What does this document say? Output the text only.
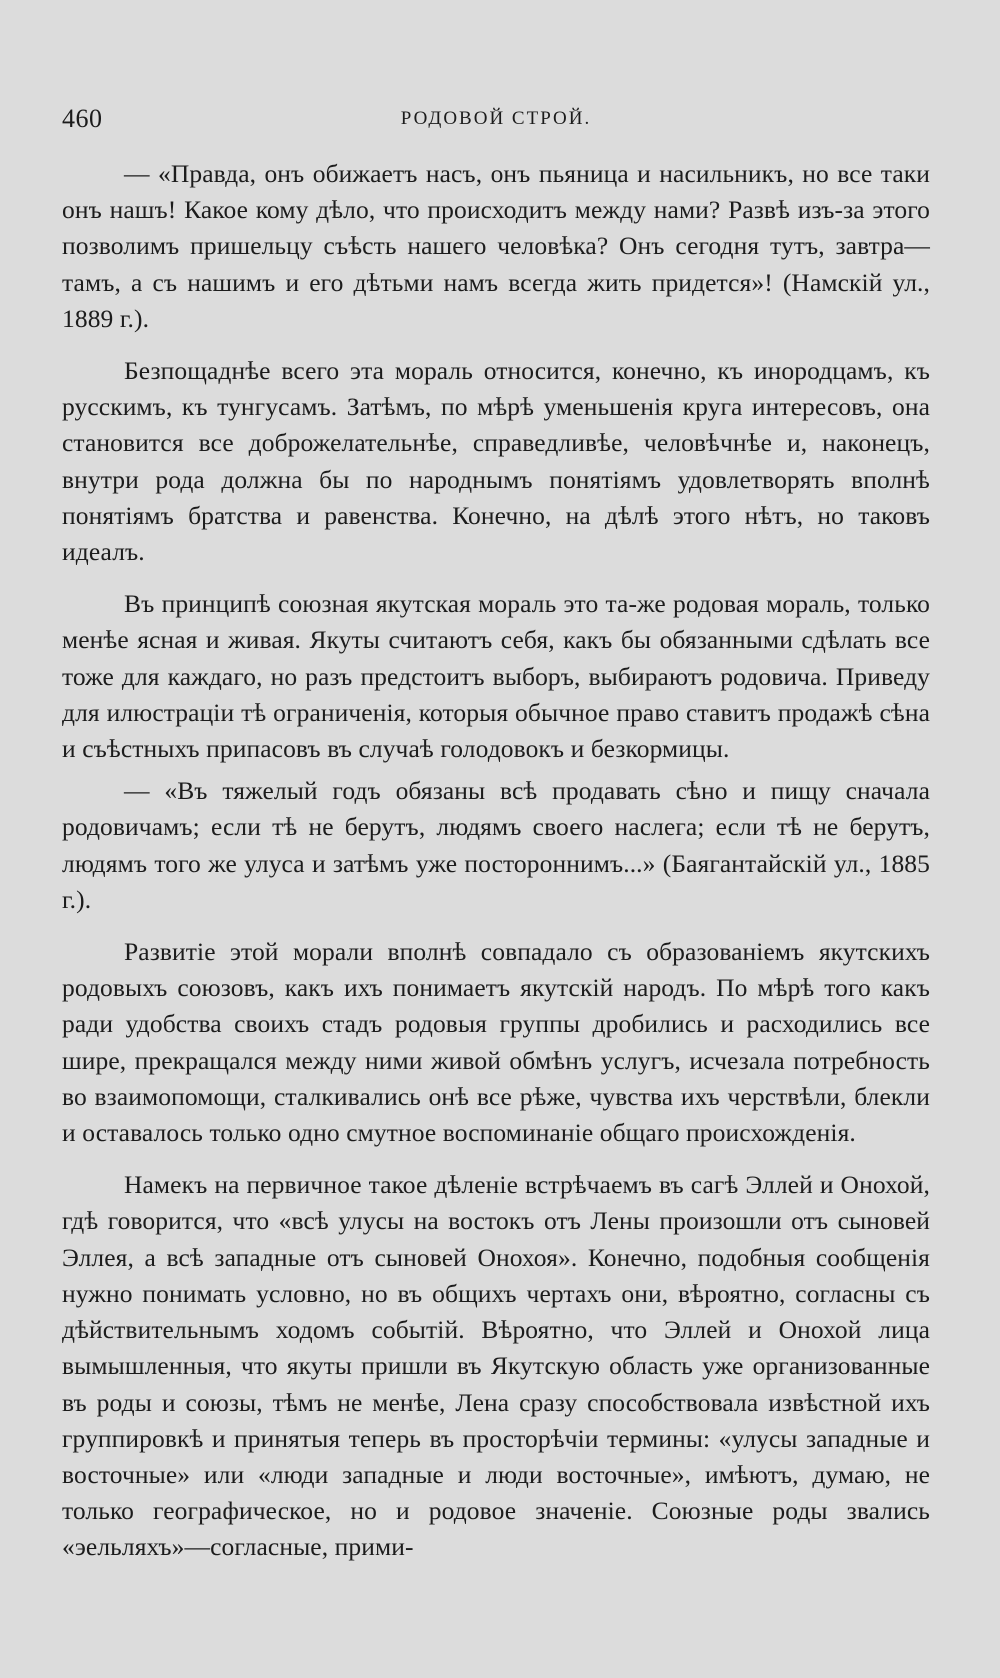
460	РОДОВОЙ СТРОЙ.

— «Правда, онъ обижаетъ насъ, онъ пьяница и насильникъ, но все таки онъ нашъ! Какое кому дѣло, что происходитъ между нами? Развѣ изъ-за этого позволимъ пришельцу съѣсть нашего человѣка? Онъ сегодня тутъ, завтра—тамъ, а съ нашимъ и его дѣтьми намъ всегда жить придется»! (Намскій ул., 1889 г.).

Безпощаднѣе всего эта мораль относится, конечно, къ инородцамъ, къ русскимъ, къ тунгусамъ. Затѣмъ, по мѣрѣ уменьшенія круга интересовъ, она становится все доброжелательнѣе, справедливѣе, человѣчнѣе и, наконецъ, внутри рода должна бы по народнымъ понятіямъ удовлетворять вполнѣ понятіямъ братства и равенства. Конечно, на дѣлѣ этого нѣтъ, но таковъ идеалъ.

Въ принципѣ союзная якутская мораль это та-же родовая мораль, только менѣе ясная и живая. Якуты считаютъ себя, какъ бы обязанными сдѣлать все тоже для каждаго, но разъ предстоитъ выборъ, выбираютъ родовича. Приведу для илюстраціи тѣ ограниченія, которыя обычное право ставитъ продажѣ сѣна и съѣстныхъ припасовъ въ случаѣ голодовокъ и безкормицы.

— «Въ тяжелый годъ обязаны всѣ продавать сѣно и пищу сначала родовичамъ; если тѣ не берутъ, людямъ своего наслега; если тѣ не берутъ, людямъ того же улуса и затѣмъ уже постороннимъ...» (Баягантайскій ул., 1885 г.).

Развитіе этой морали вполнѣ совпадало съ образованіемъ якутскихъ родовыхъ союзовъ, какъ ихъ понимаетъ якутскій народъ. По мѣрѣ того какъ ради удобства своихъ стадъ родовыя группы дробились и расходились все шире, прекращался между ними живой обмѣнъ услугъ, исчезала потребность во взаимопомощи, сталкивались онѣ все рѣже, чувства ихъ черствѣли, блекли и оставалось только одно смутное воспоминаніе общаго происхожденія.

Намекъ на первичное такое дѣленіе встрѣчаемъ въ сагѣ Эллей и Онохой, гдѣ говорится, что «всѣ улусы на востокъ отъ Лены произошли отъ сыновей Эллея, а всѣ западные отъ сыновей Онохоя». Конечно, подобныя сообщенія нужно понимать условно, но въ общихъ чертахъ они, вѣроятно, согласны съ дѣйствительнымъ ходомъ событій. Вѣроятно, что Эллей и Онохой лица вымышленныя, что якуты пришли въ Якутскую область уже организованные въ роды и союзы, тѣмъ не менѣе, Лена сразу способствовала извѣстной ихъ группировкѣ и принятыя теперь въ просторѣчіи термины: «улусы западные и восточные» или «люди западные и люди восточные», имѣютъ, думаю, не только географическое, но и родовое значеніе. Союзные роды звались «эельляхъ»—согласные, прими-
